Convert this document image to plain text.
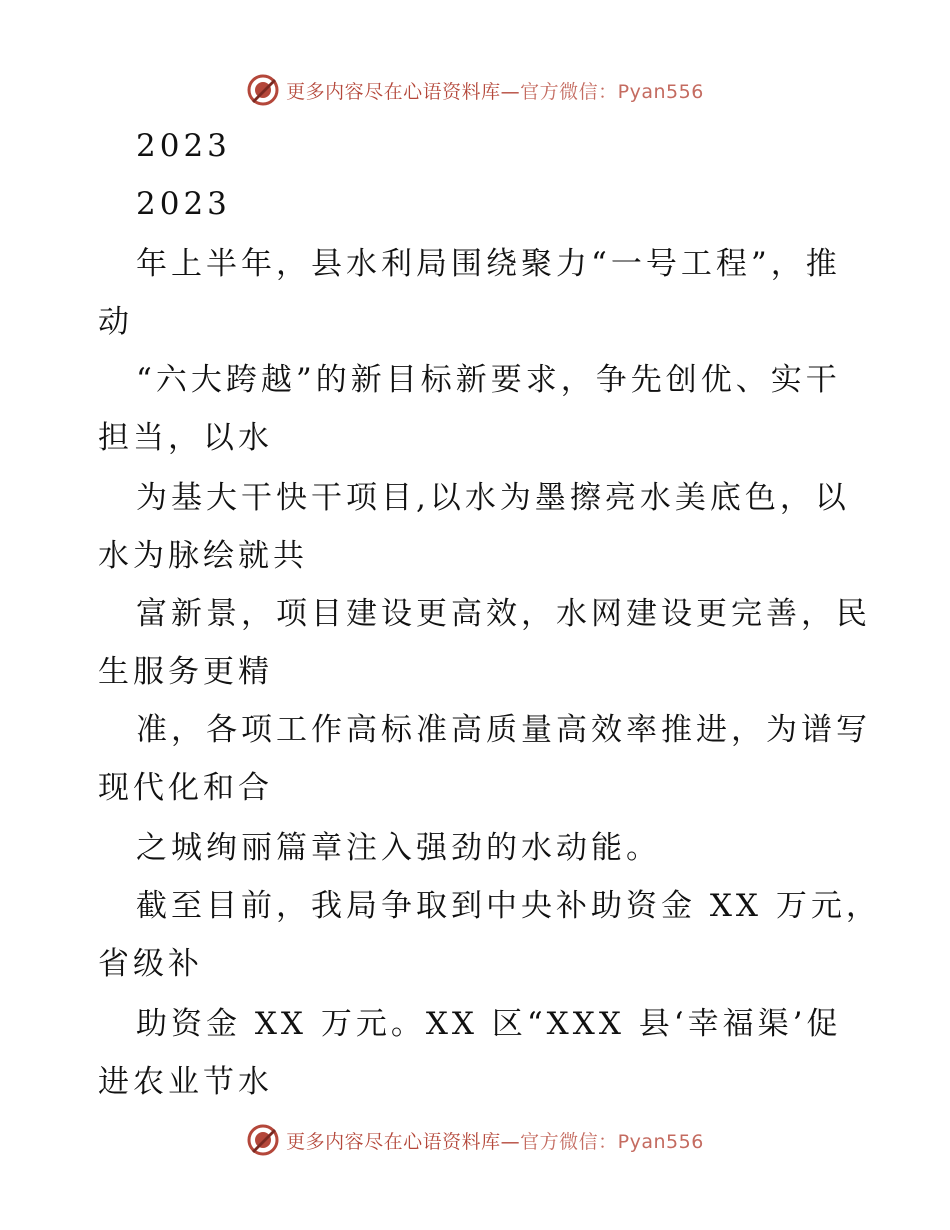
更多内容尽在心语资料库—官方微信：Pyan556
2023
2023
年上半年，县水利局围绕聚力“一号工程”，推
动
“六大跨越”的新目标新要求，争先创优、实干
担当，以水
为基大干快干项目,以水为墨擦亮水美底色，以
水为脉绘就共
富新景，项目建设更高效，水网建设更完善，民
生服务更精
准，各项工作高标准高质量高效率推进，为谱写
现代化和合
之城绚丽篇章注入强劲的水动能。
截至目前，我局争取到中央补助资金 XX 万元，
省级补
助资金 XX 万元。XX 区“XXX 县‘幸福渠’促
进农业节水
更多内容尽在心语资料库—官方微信：Pyan556
